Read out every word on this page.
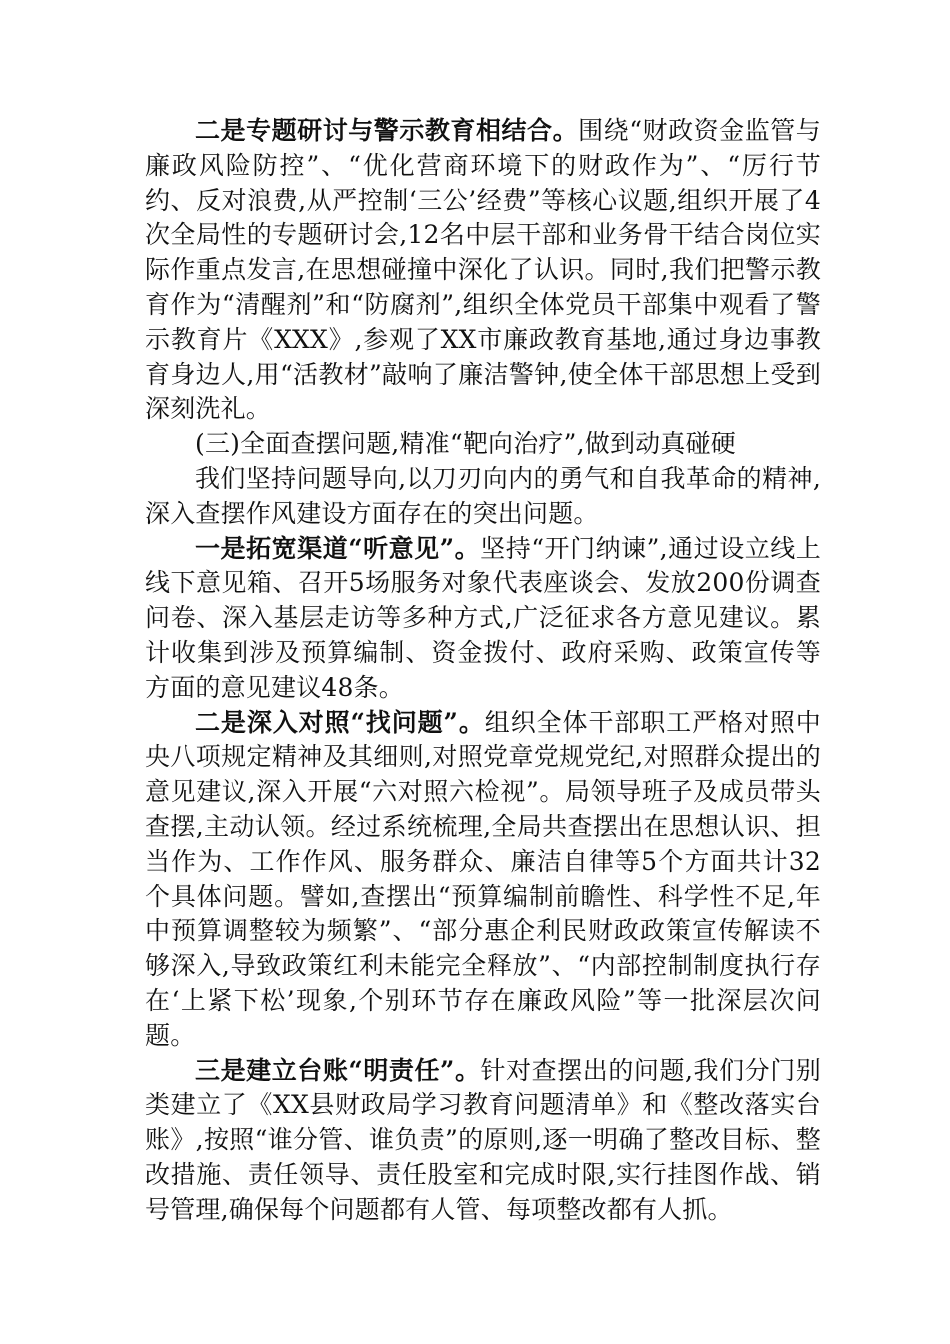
二是专题研讨与警示教育相结合。围绕“财政资金监管与廉政风险防控”、“优化营商环境下的财政作为”、“厉行节约、反对浪费,从严控制‘三公’经费”等核心议题,组织开展了4次全局性的专题研讨会,12名中层干部和业务骨干结合岗位实际作重点发言,在思想碰撞中深化了认识。同时,我们把警示教育作为“清醒剂”和“防腐剂”,组织全体党员干部集中观看了警示教育片《XXX》,参观了XX市廉政教育基地,通过身边事教育身边人,用“活教材”敲响了廉洁警钟,使全体干部思想上受到深刻洗礼。

(三)全面查摆问题,精准“靶向治疗”,做到动真碰硬

我们坚持问题导向,以刀刃向内的勇气和自我革命的精神,深入查摆作风建设方面存在的突出问题。

一是拓宽渠道“听意见”。坚持“开门纳谏”,通过设立线上线下意见箱、召开5场服务对象代表座谈会、发放200份调查问卷、深入基层走访等多种方式,广泛征求各方意见建议。累计收集到涉及预算编制、资金拨付、政府采购、政策宣传等方面的意见建议48条。

二是深入对照“找问题”。组织全体干部职工严格对照中央八项规定精神及其细则,对照党章党规党纪,对照群众提出的意见建议,深入开展“六对照六检视”。局领导班子及成员带头查摆,主动认领。经过系统梳理,全局共查摆出在思想认识、担当作为、工作作风、服务群众、廉洁自律等5个方面共计32个具体问题。譬如,查摆出“预算编制前瞻性、科学性不足,年中预算调整较为频繁”、“部分惠企利民财政政策宣传解读不够深入,导致政策红利未能完全释放”、“内部控制制度执行存在‘上紧下松’现象,个别环节存在廉政风险”等一批深层次问题。

三是建立台账“明责任”。针对查摆出的问题,我们分门别类建立了《XX县财政局学习教育问题清单》和《整改落实台账》,按照“谁分管、谁负责”的原则,逐一明确了整改目标、整改措施、责任领导、责任股室和完成时限,实行挂图作战、销号管理,确保每个问题都有人管、每项整改都有人抓。
